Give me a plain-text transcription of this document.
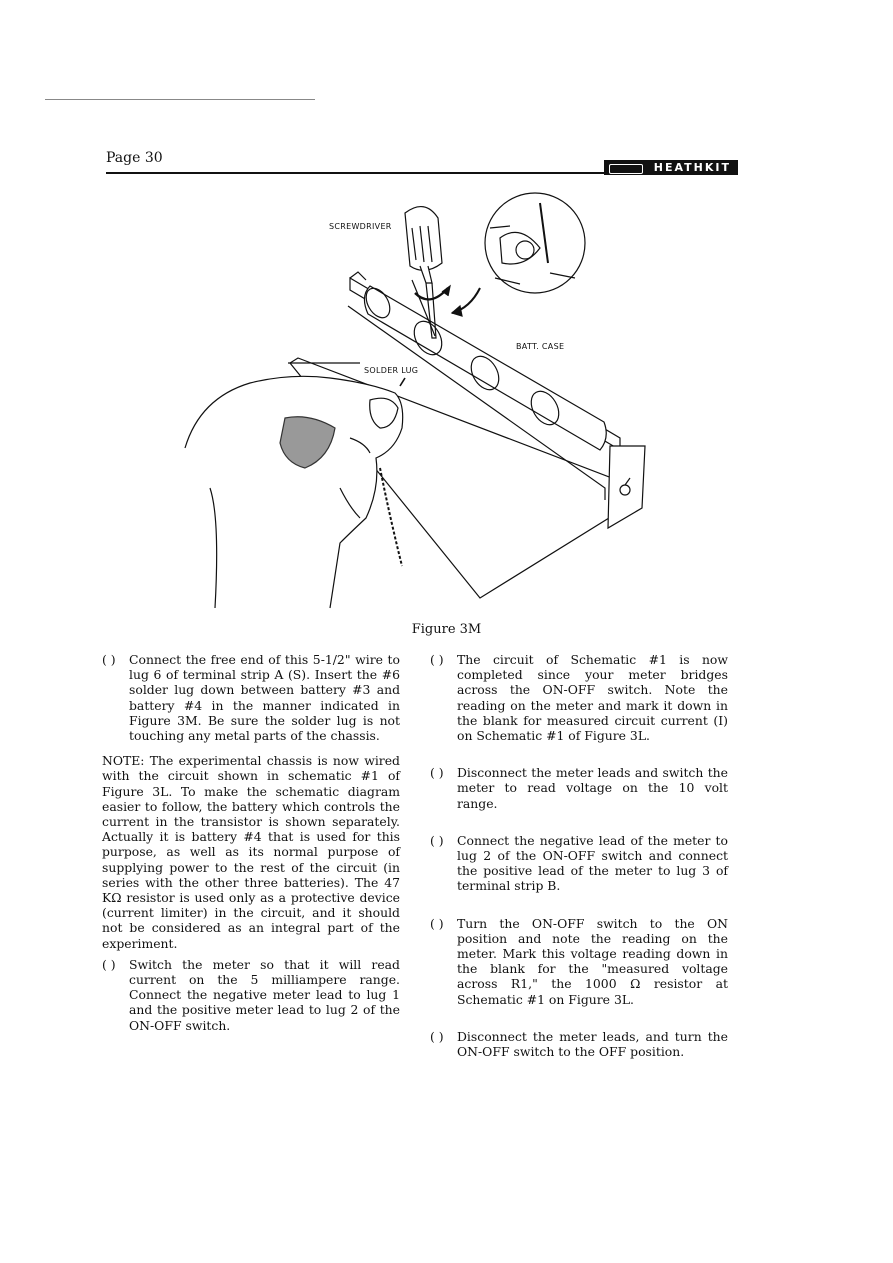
Page 30
HEATHKIT
SCREWDRIVER
BATT. CASE
SOLDER LUG
Figure 3M
( ) Connect the free end of this 5-1/2" wire to lug 6 of terminal strip A (S). Insert the #6 solder lug down between battery #3 and battery #4 in the manner indicated in Figure 3M. Be sure the solder lug is not touching any metal parts of the chassis.

NOTE: The experimental chassis is now wired with the circuit shown in schematic #1 of Figure 3L. To make the schematic diagram easier to follow, the battery which controls the current in the transistor is shown separately. Actually it is battery #4 that is used for this purpose, as well as its normal purpose of supplying power to the rest of the circuit (in series with the other three batteries). The 47 KΩ resistor is used only as a protective device (current limiter) in the circuit, and it should not be considered as an integral part of the experiment.

( ) Switch the meter so that it will read current on the 5 milliampere range. Connect the negative meter lead to lug 1 and the positive meter lead to lug 2 of the ON-OFF switch.
( ) The circuit of Schematic #1 is now completed since your meter bridges across the ON-OFF switch. Note the reading on the meter and mark it down in the blank for measured circuit current (I) on Schematic #1 of Figure 3L.
( ) Disconnect the meter leads and switch the meter to read voltage on the 10 volt range.
( ) Connect the negative lead of the meter to lug 2 of the ON-OFF switch and connect the positive lead of the meter to lug 3 of terminal strip B.
( ) Turn the ON-OFF switch to the ON position and note the reading on the meter. Mark this voltage reading down in the blank for the "measured voltage across R1," the 1000 Ω resistor at Schematic #1 on Figure 3L.
( ) Disconnect the meter leads, and turn the ON-OFF switch to the OFF position.
